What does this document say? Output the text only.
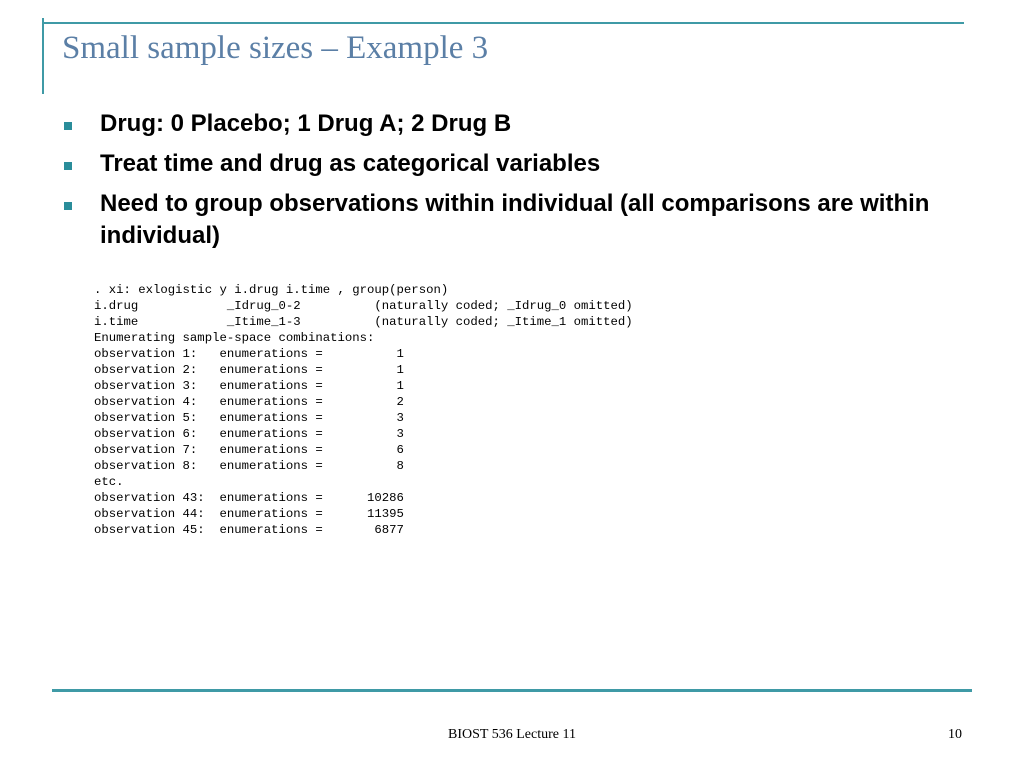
Small sample sizes – Example 3
Drug: 0 Placebo; 1 Drug A; 2 Drug B
Treat time and drug as categorical variables
Need to group observations within individual (all comparisons are within individual)
. xi: exlogistic y i.drug i.time , group(person)
i.drug            _Idrug_0-2          (naturally coded; _Idrug_0 omitted)
i.time            _Itime_1-3          (naturally coded; _Itime_1 omitted)
Enumerating sample-space combinations:
observation 1:   enumerations =          1
observation 2:   enumerations =          1
observation 3:   enumerations =          1
observation 4:   enumerations =          2
observation 5:   enumerations =          3
observation 6:   enumerations =          3
observation 7:   enumerations =          6
observation 8:   enumerations =          8
etc.
observation 43:  enumerations =      10286
observation 44:  enumerations =      11395
observation 45:  enumerations =       6877
BIOST 536 Lecture 11	10
